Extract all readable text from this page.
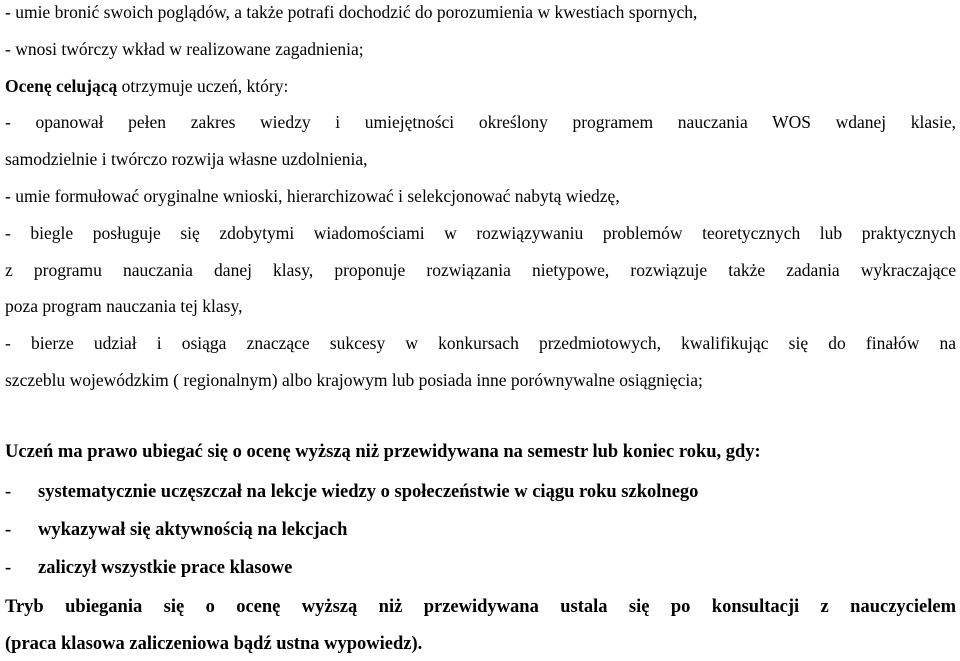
- umie bronić swoich poglądów, a także potrafi dochodzić do porozumienia w kwestiach spornych,
- wnosi twórczy wkład w realizowane zagadnienia;
Ocenę celującą otrzymuje uczeń, który:
- opanował pełen zakres wiedzy i umiejętności określony programem nauczania WOS wdanej klasie,
samodzielnie i twórczo rozwija własne uzdolnienia,
- umie formułować oryginalne wnioski, hierarchizować i selekcjonować nabytą wiedzę,
- biegle posługuje się zdobytymi wiadomościami w rozwiązywaniu problemów teoretycznych lub praktycznych
z programu nauczania danej klasy, proponuje rozwiązania nietypowe, rozwiązuje także zadania wykraczające
poza program nauczania tej klasy,
- bierze udział i osiąga znaczące sukcesy w konkursach przedmiotowych, kwalifikując się do finałów na
szczeblu wojewódzkim ( regionalnym) albo krajowym lub posiada inne porównywalne osiągnięcia;
Uczeń ma prawo ubiegać się o ocenę wyższą niż przewidywana na semestr lub koniec roku, gdy:
- systematycznie uczęszczał na lekcje wiedzy o społeczeństwie w ciągu roku szkolnego
- wykazywał się aktywnością na lekcjach
- zaliczył wszystkie prace klasowe
Tryb ubiegania się o ocenę wyższą niż przewidywana ustala się po konsultacji z nauczycielem
(praca klasowa zaliczeniowa bądź ustna wypowiedz).
